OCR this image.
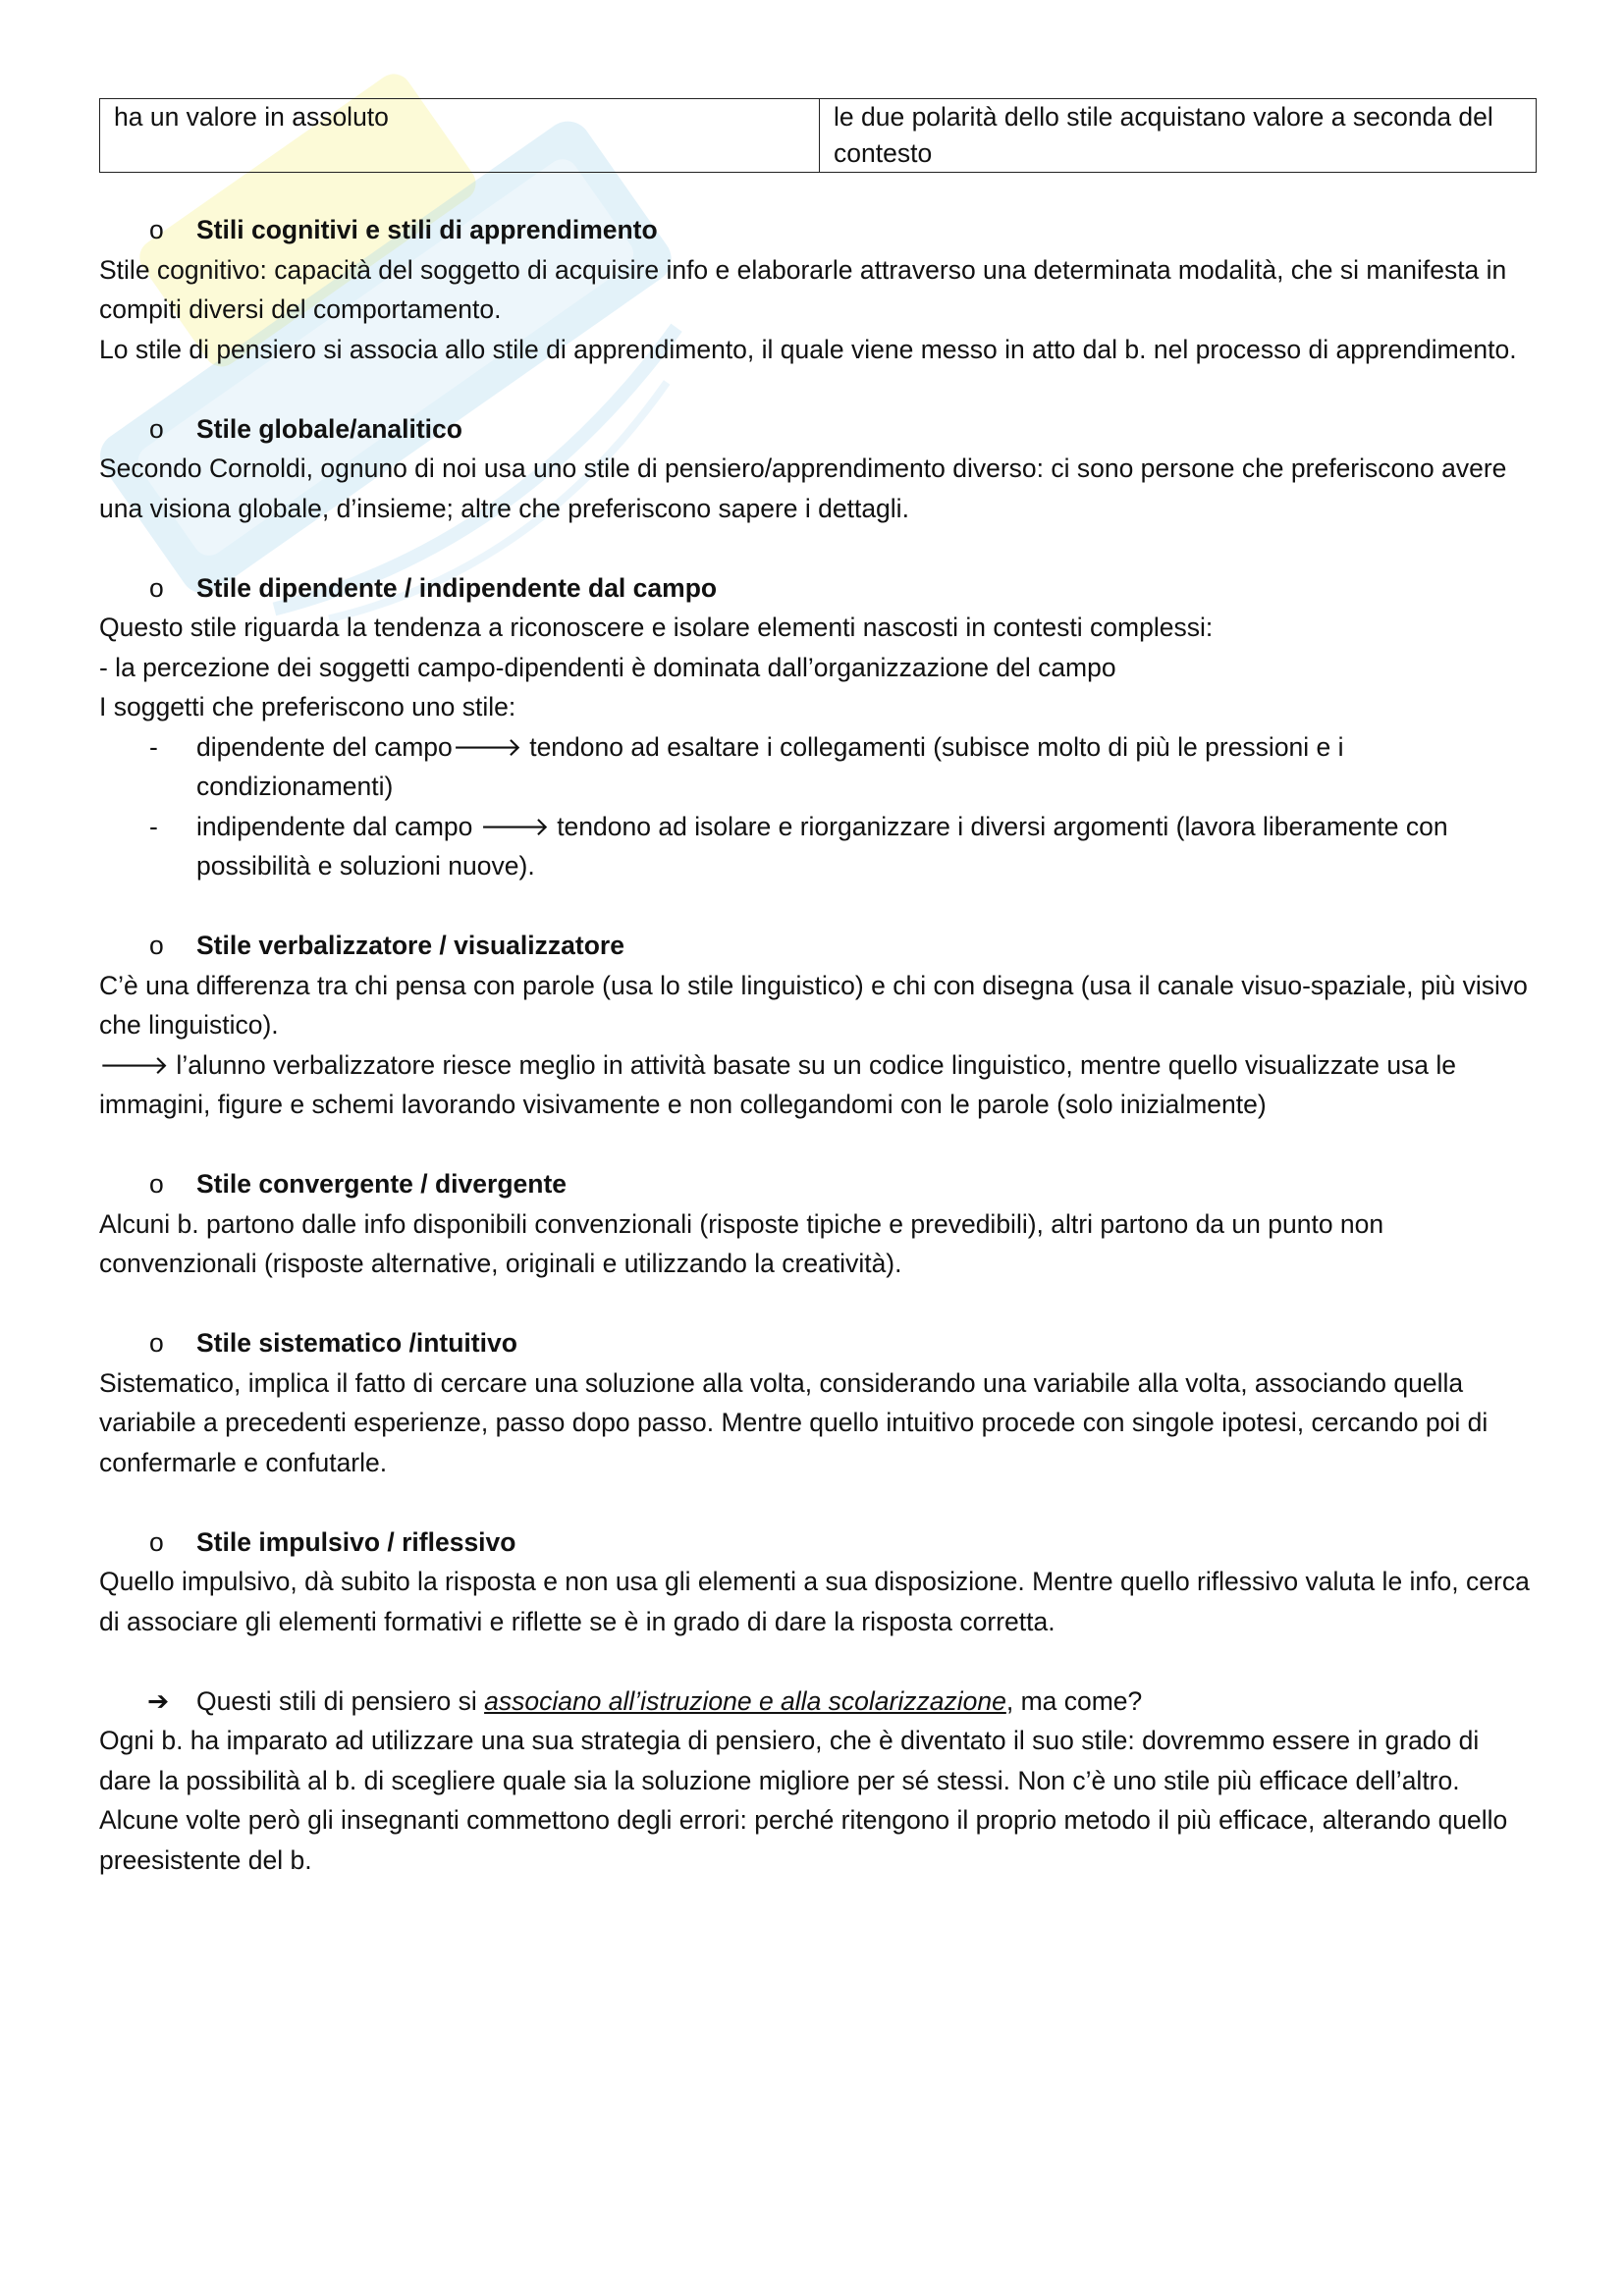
ha un valore in assoluto	le due polarità dello stile acquistano valore a seconda del contesto
o Stili cognitivi e stili di apprendimento

Stile cognitivo: capacità del soggetto di acquisire info e elaborarle attraverso una determinata modalità, che si manifesta in compiti diversi del comportamento.

Lo stile di pensiero si associa allo stile di apprendimento, il quale viene messo in atto dal b. nel processo di apprendimento.

o Stile globale/analitico

Secondo Cornoldi, ognuno di noi usa uno stile di pensiero/apprendimento diverso: ci sono persone che preferiscono avere una visiona globale, d’insieme; altre che preferiscono sapere i dettagli.

o Stile dipendente / indipendente dal campo

Questo stile riguarda la tendenza a riconoscere e isolare elementi nascosti in contesti complessi:

- la percezione dei soggetti campo-dipendenti è dominata dall’organizzazione del campo

I soggetti che preferiscono uno stile:

- dipendente del campo🡒 tendono ad esaltare i collegamenti (subisce molto di più le pressioni e i condizionamenti)
- indipendente dal campo 🡒 tendono ad isolare e riorganizzare i diversi argomenti (lavora liberamente con possibilità e soluzioni nuove).
o Stile verbalizzatore / visualizzatore

C’è una differenza tra chi pensa con parole (usa lo stile linguistico) e chi con disegna (usa il canale visuo-spaziale, più visivo che linguistico).

🡒 l’alunno verbalizzatore riesce meglio in attività basate su un codice linguistico, mentre quello visualizzate usa le immagini, figure e schemi lavorando visivamente e non collegandomi con le parole (solo inizialmente)

o Stile convergente / divergente

Alcuni b. partono dalle info disponibili convenzionali (risposte tipiche e prevedibili), altri partono da un punto non convenzionali (risposte alternative, originali e utilizzando la creatività).

o Stile sistematico /intuitivo

Sistematico, implica il fatto di cercare una soluzione alla volta, considerando una variabile alla volta, associando quella variabile a precedenti esperienze, passo dopo passo. Mentre quello intuitivo procede con singole ipotesi, cercando poi di confermarle e confutarle.

o Stile impulsivo / riflessivo

Quello impulsivo, dà subito la risposta e non usa gli elementi a sua disposizione. Mentre quello riflessivo valuta le info, cerca di associare gli elementi formativi e riflette se è in grado di dare la risposta corretta.

➔ Questi stili di pensiero si associano all’istruzione e alla scolarizzazione, ma come?

Ogni b. ha imparato ad utilizzare una sua strategia di pensiero, che è diventato il suo stile: dovremmo essere in grado di dare la possibilità al b. di scegliere quale sia la soluzione migliore per sé stessi. Non c’è uno stile più efficace dell’altro.

Alcune volte però gli insegnanti commettono degli errori: perché ritengono il proprio metodo il più efficace, alterando quello preesistente del b.
